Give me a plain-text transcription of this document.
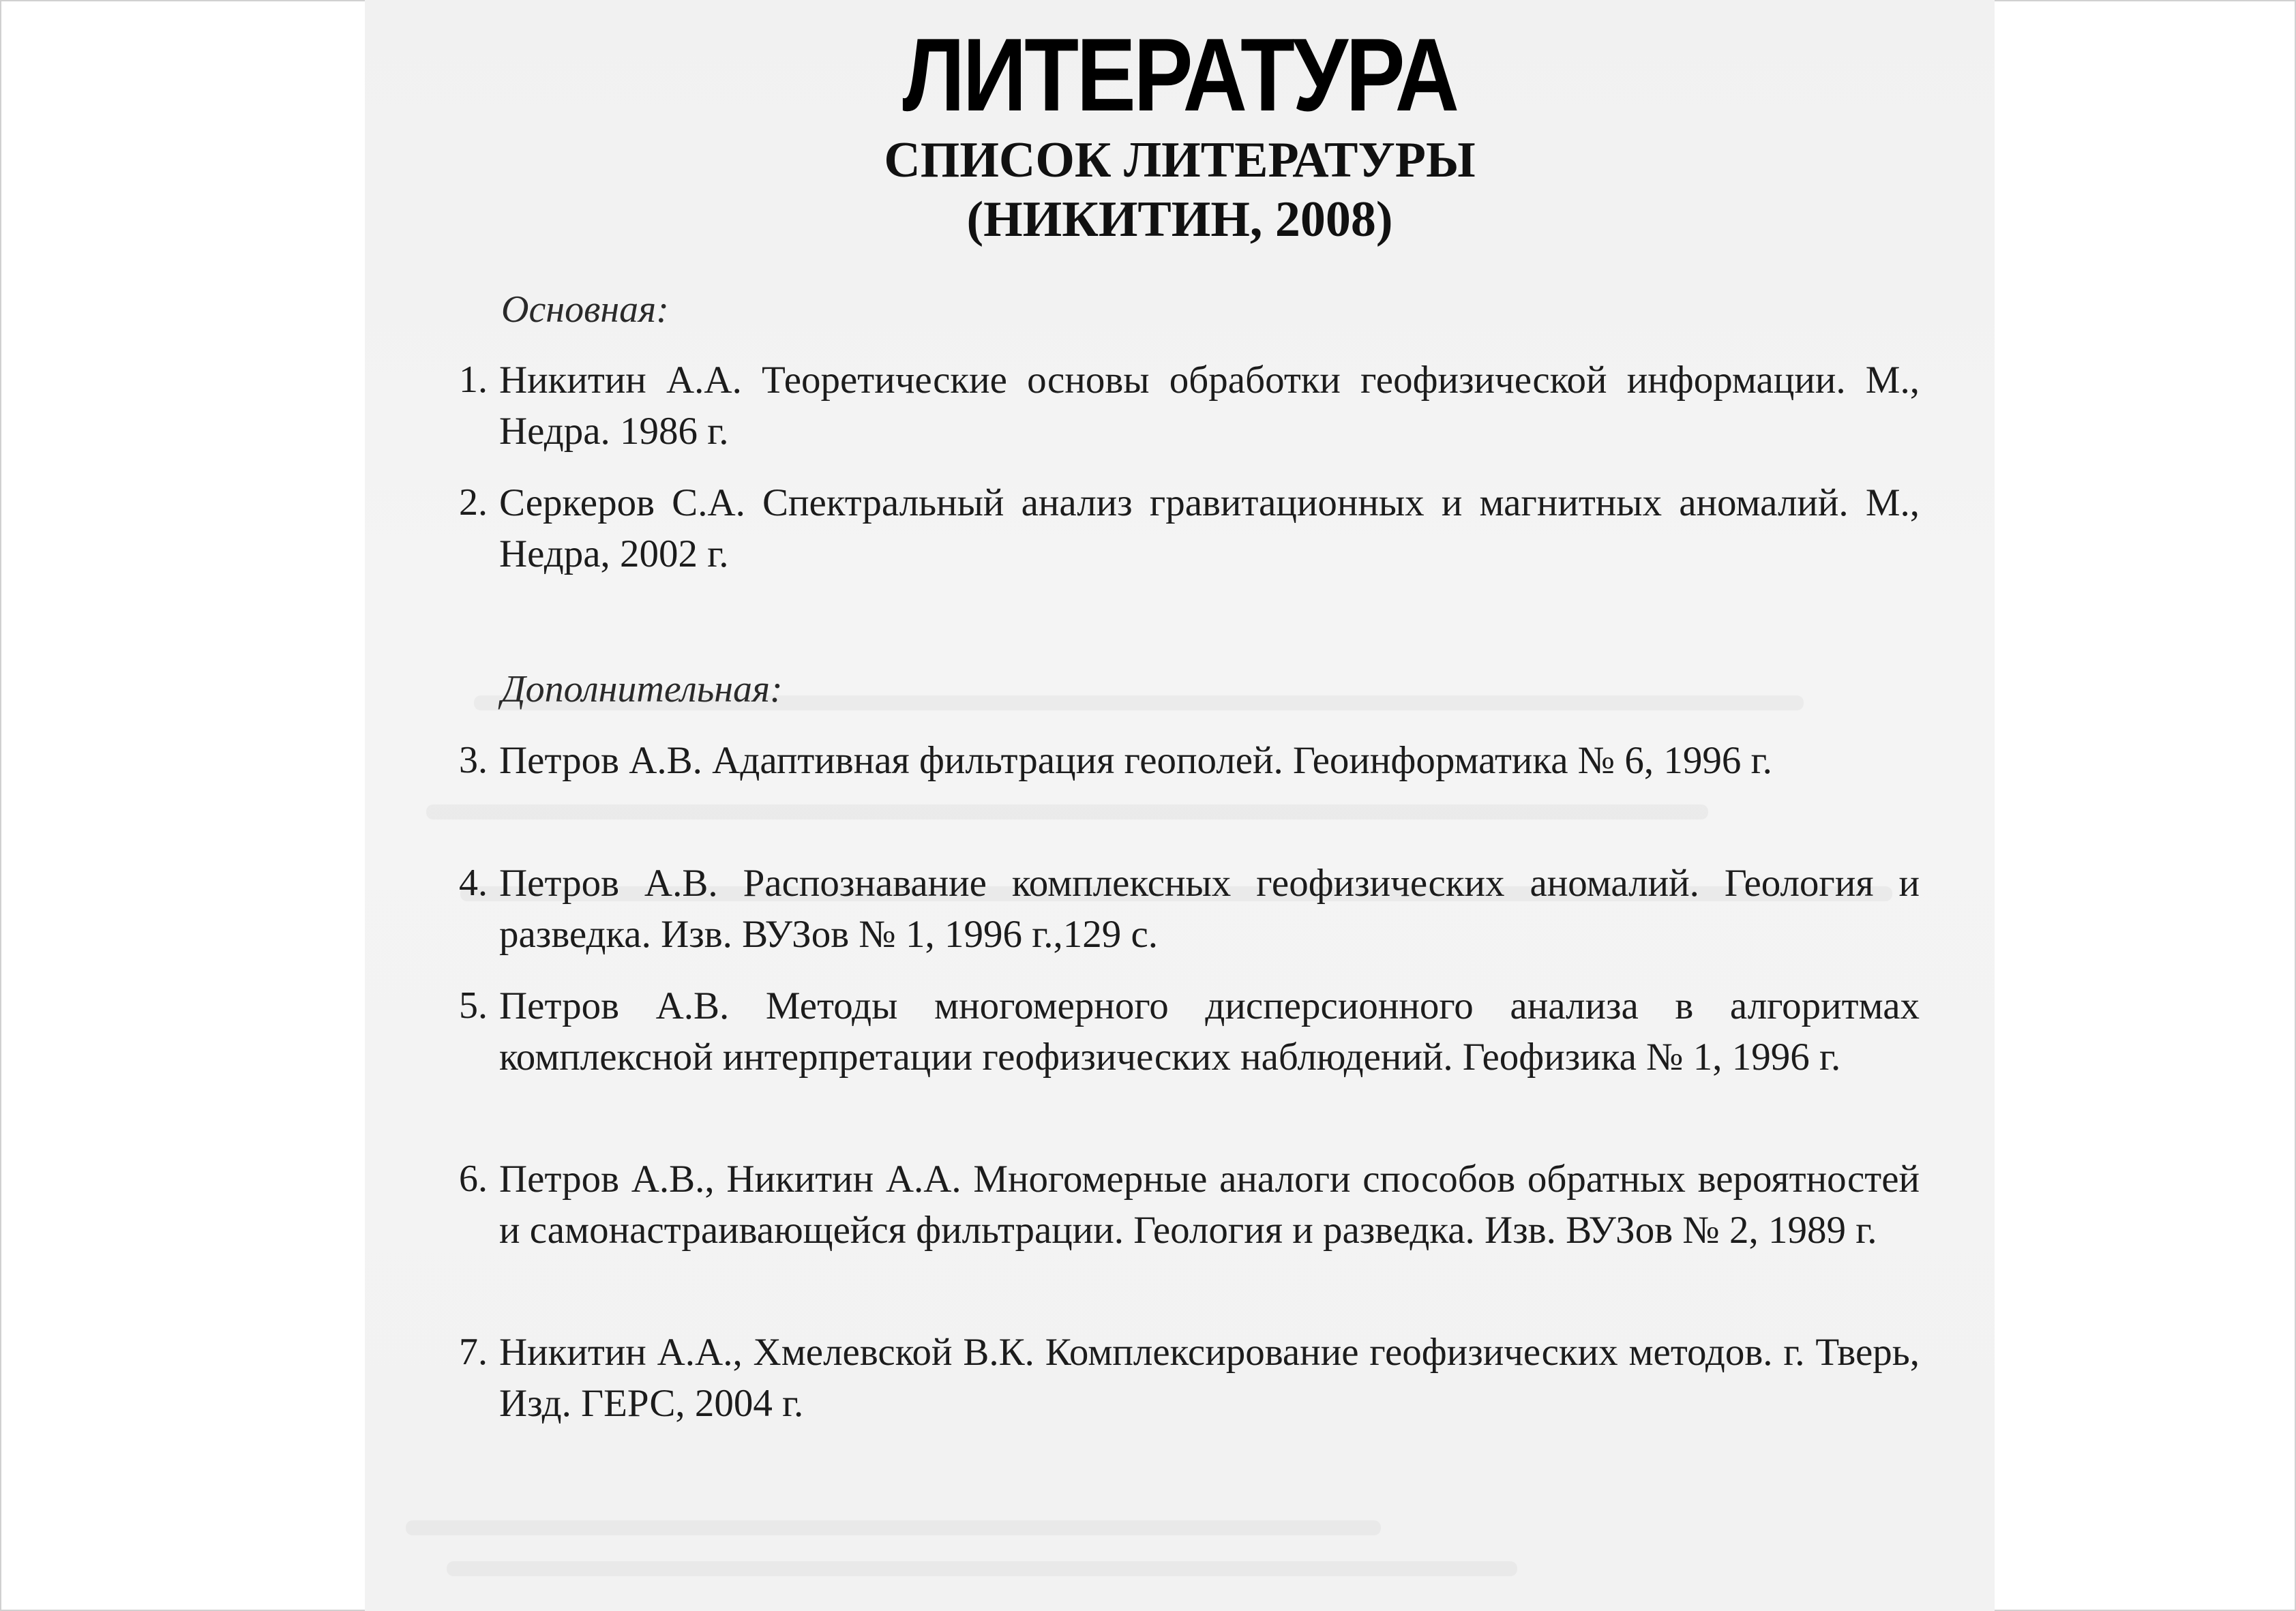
ЛИТЕРАТУРА
СПИСОК ЛИТЕРАТУРЫ
(НИКИТИН, 2008)
Основная:
1. Никитин А.А. Теоретические основы обработки геофизической информации. М., Недра. 1986 г.
2. Серкеров С.А. Спектральный анализ гравитационных и магнитных аномалий. М., Недра, 2002 г.
Дополнительная:
3. Петров А.В. Адаптивная фильтрация геополей. Геоинформатика № 6, 1996 г.
4. Петров А.В. Распознавание комплексных геофизических аномалий. Геология и разведка. Изв. ВУЗов № 1, 1996 г.,129 с.
5. Петров А.В. Методы многомерного дисперсионного анализа в алгоритмах комплексной интерпретации геофизических наблюдений. Геофизика № 1, 1996 г.
6. Петров А.В., Никитин А.А. Многомерные аналоги способов обратных вероятностей и самонастраивающейся фильтрации. Геология и разведка. Изв. ВУЗов № 2, 1989 г.
7. Никитин А.А., Хмелевской В.К. Комплексирование геофизических методов. г. Тверь, Изд. ГЕРС, 2004 г.
